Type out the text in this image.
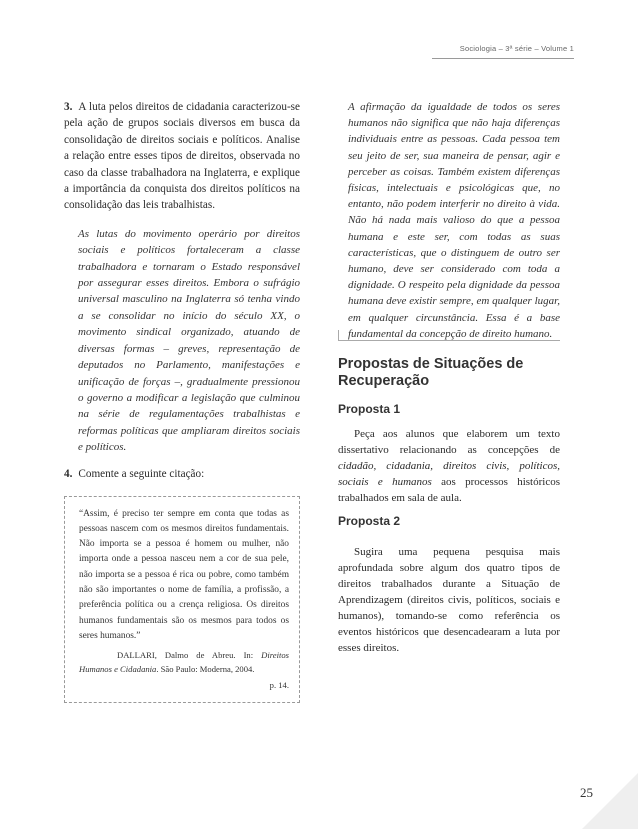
Sociologia – 3ª série – Volume 1

3. A luta pelos direitos de cidadania caracterizou-se pela ação de grupos sociais diversos em busca da consolidação de direitos sociais e políticos. Analise a relação entre esses tipos de direitos, observada no caso da classe trabalhadora na Inglaterra, e explique a importância da conquista dos direitos políticos na consolidação das leis trabalhistas.

As lutas do movimento operário por direitos sociais e políticos fortaleceram a classe trabalhadora e tornaram o Estado responsável por assegurar esses direitos. Embora o sufrágio universal masculino na Inglaterra só tenha vindo a se consolidar no início do século XX, o movimento sindical organizado, atuando de diversas formas – greves, representação de deputados no Parlamento, manifestações e unificação de forças –, gradualmente pressionou o governo a modificar a legislação que culminou na série de regulamentações trabalhistas e reformas políticas que ampliaram direitos sociais e políticos.

4. Comente a seguinte citação:

“Assim, é preciso ter sempre em conta que todas as pessoas nascem com os mesmos direitos fundamentais. Não importa se a pessoa é homem ou mulher, não importa onde a pessoa nasceu nem a cor de sua pele, não importa se a pessoa é rica ou pobre, como também não são importantes o nome de família, a profissão, a preferência política ou a crença religiosa. Os direitos humanos fundamentais são os mesmos para todos os seres humanos.”

DALLARI, Dalmo de Abreu. In: Direitos Humanos e Cidadania. São Paulo: Moderna, 2004.
p. 14.

A afirmação da igualdade de todos os seres humanos não significa que não haja diferenças individuais entre as pessoas. Cada pessoa tem seu jeito de ser, sua maneira de pensar, agir e perceber as coisas. Também existem diferenças físicas, intelectuais e psicológicas que, no entanto, não podem interferir no direito à vida. Não há nada mais valioso do que a pessoa humana e este ser, com todas as suas características, que o distinguem de outro ser humano, deve ser considerado com toda a dignidade. O respeito pela dignidade da pessoa humana deve existir sempre, em qualquer lugar, em qualquer circunstância. Essa é a base fundamental da concepção de direito humano.

Propostas de Situações de Recuperação
Proposta 1

Peça aos alunos que elaborem um texto dissertativo relacionando as concepções de cidadão, cidadania, direitos civis, políticos, sociais e humanos aos processos históricos trabalhados em sala de aula.

Proposta 2

Sugira uma pequena pesquisa mais aprofundada sobre algum dos quatro tipos de direitos trabalhados durante a Situação de Aprendizagem (direitos civis, políticos, sociais e humanos), tomando-se como referência os eventos históricos que desencadearam a luta por esses direitos.

25
